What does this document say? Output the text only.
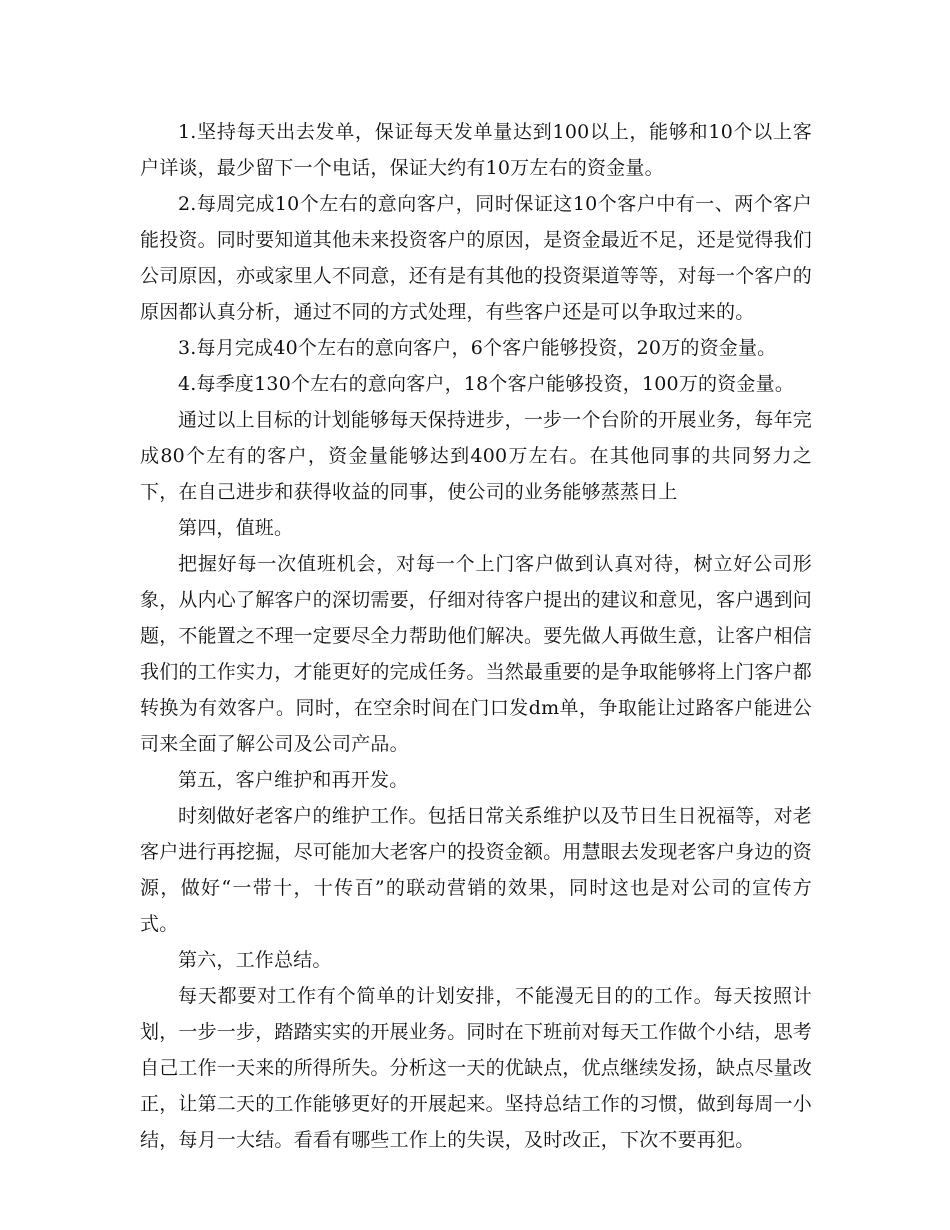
1.坚持每天出去发单，保证每天发单量达到100以上，能够和10个以上客户详谈，最少留下一个电话，保证大约有10万左右的资金量。

2.每周完成10个左右的意向客户，同时保证这10个客户中有一、两个客户能投资。同时要知道其他未来投资客户的原因，是资金最近不足，还是觉得我们公司原因，亦或家里人不同意，还有是有其他的投资渠道等等，对每一个客户的原因都认真分析，通过不同的方式处理，有些客户还是可以争取过来的。

3.每月完成40个左右的意向客户，6个客户能够投资，20万的资金量。

4.每季度130个左右的意向客户，18个客户能够投资，100万的资金量。

通过以上目标的计划能够每天保持进步，一步一个台阶的开展业务，每年完成80个左有的客户，资金量能够达到400万左右。在其他同事的共同努力之下，在自己进步和获得收益的同事，使公司的业务能够蒸蒸日上

第四，值班。

把握好每一次值班机会，对每一个上门客户做到认真对待，树立好公司形象，从内心了解客户的深切需要，仔细对待客户提出的建议和意见，客户遇到问题，不能置之不理一定要尽全力帮助他们解决。要先做人再做生意，让客户相信我们的工作实力，才能更好的完成任务。当然最重要的是争取能够将上门客户都转换为有效客户。同时，在空余时间在门口发dm单，争取能让过路客户能进公司来全面了解公司及公司产品。

第五，客户维护和再开发。

时刻做好老客户的维护工作。包括日常关系维护以及节日生日祝福等，对老客户进行再挖掘，尽可能加大老客户的投资金额。用慧眼去发现老客户身边的资源，做好“一带十，十传百”的联动营销的效果，同时这也是对公司的宣传方式。

第六，工作总结。

每天都要对工作有个简单的计划安排，不能漫无目的的工作。每天按照计划，一步一步，踏踏实实的开展业务。同时在下班前对每天工作做个小结，思考自己工作一天来的所得所失。分析这一天的优缺点，优点继续发扬，缺点尽量改正，让第二天的工作能够更好的开展起来。坚持总结工作的习惯，做到每周一小结，每月一大结。看看有哪些工作上的失误，及时改正，下次不要再犯。
